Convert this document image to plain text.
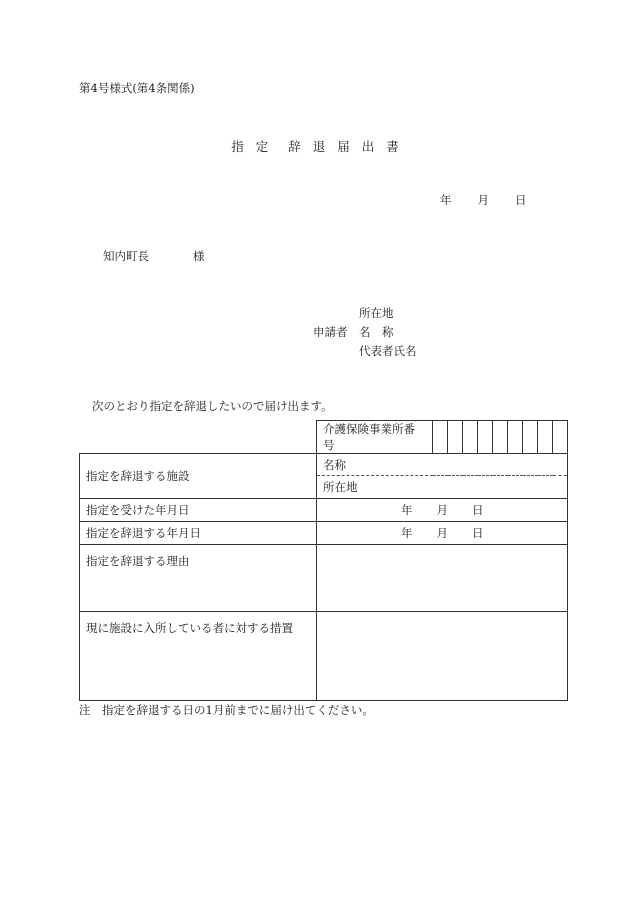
第4号様式(第4条関係)
指 定 辞 退 届 出 書
年 月 日
知内町長	様
所在地
申請者	名　称
代表者氏名
次のとおり指定を辞退したいので届け出ます。
	介護保険事業所番号									
指定を辞退する施設	名称									
	所在地									
指定を受けた年月日	年 月 日									
指定を辞退する年月日	年 月 日									
指定を辞退する理由										
現に施設に入所している者に対する措置										
注　指定を辞退する日の1月前までに届け出てください。
